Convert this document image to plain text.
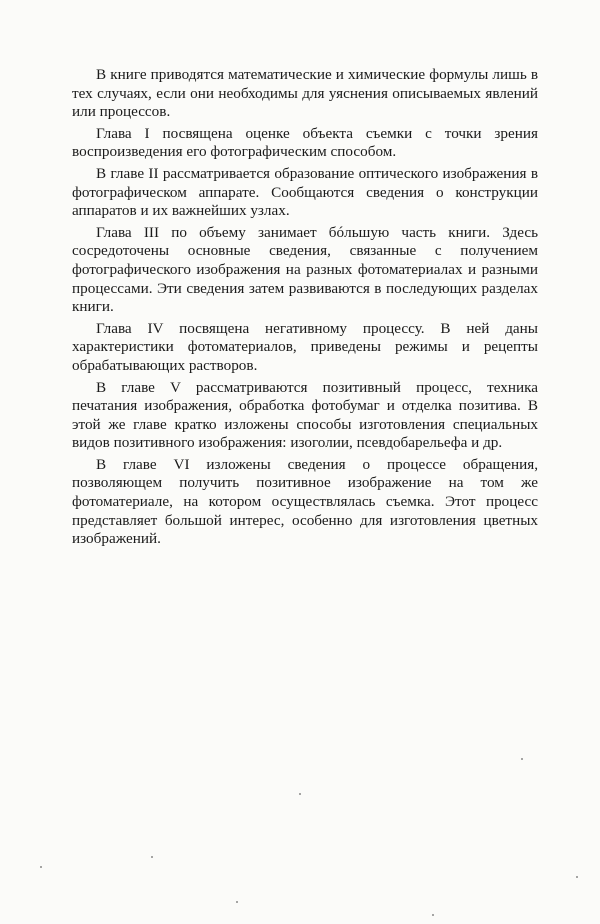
В книге приводятся математические и химические формулы лишь в тех случаях, если они необходимы для уяснения описываемых явлений или процессов.

Глава I посвящена оценке объекта съемки с точки зрения воспроизведения его фотографическим способом.

В главе II рассматривается образование оптического изображения в фотографическом аппарате. Сообщаются сведения о конструкции аппаратов и их важнейших узлах.

Глава III по объему занимает бóльшую часть книги. Здесь сосредоточены основные сведения, связанные с получением фотографического изображения на разных фотоматериалах и разными процессами. Эти сведения затем развиваются в последующих разделах книги.

Глава IV посвящена негативному процессу. В ней даны характеристики фотоматериалов, приведены режимы и рецепты обрабатывающих растворов.

В главе V рассматриваются позитивный процесс, техника печатания изображения, обработка фотобумаг и отделка позитива. В этой же главе кратко изложены способы изготовления специальных видов позитивного изображения: изоголии, псевдобарельефа и др.

В главе VI изложены сведения о процессе обращения, позволяющем получить позитивное изображение на том же фотоматериале, на котором осуществлялась съемка. Этот процесс представляет большой интерес, особенно для изготовления цветных изображений.
